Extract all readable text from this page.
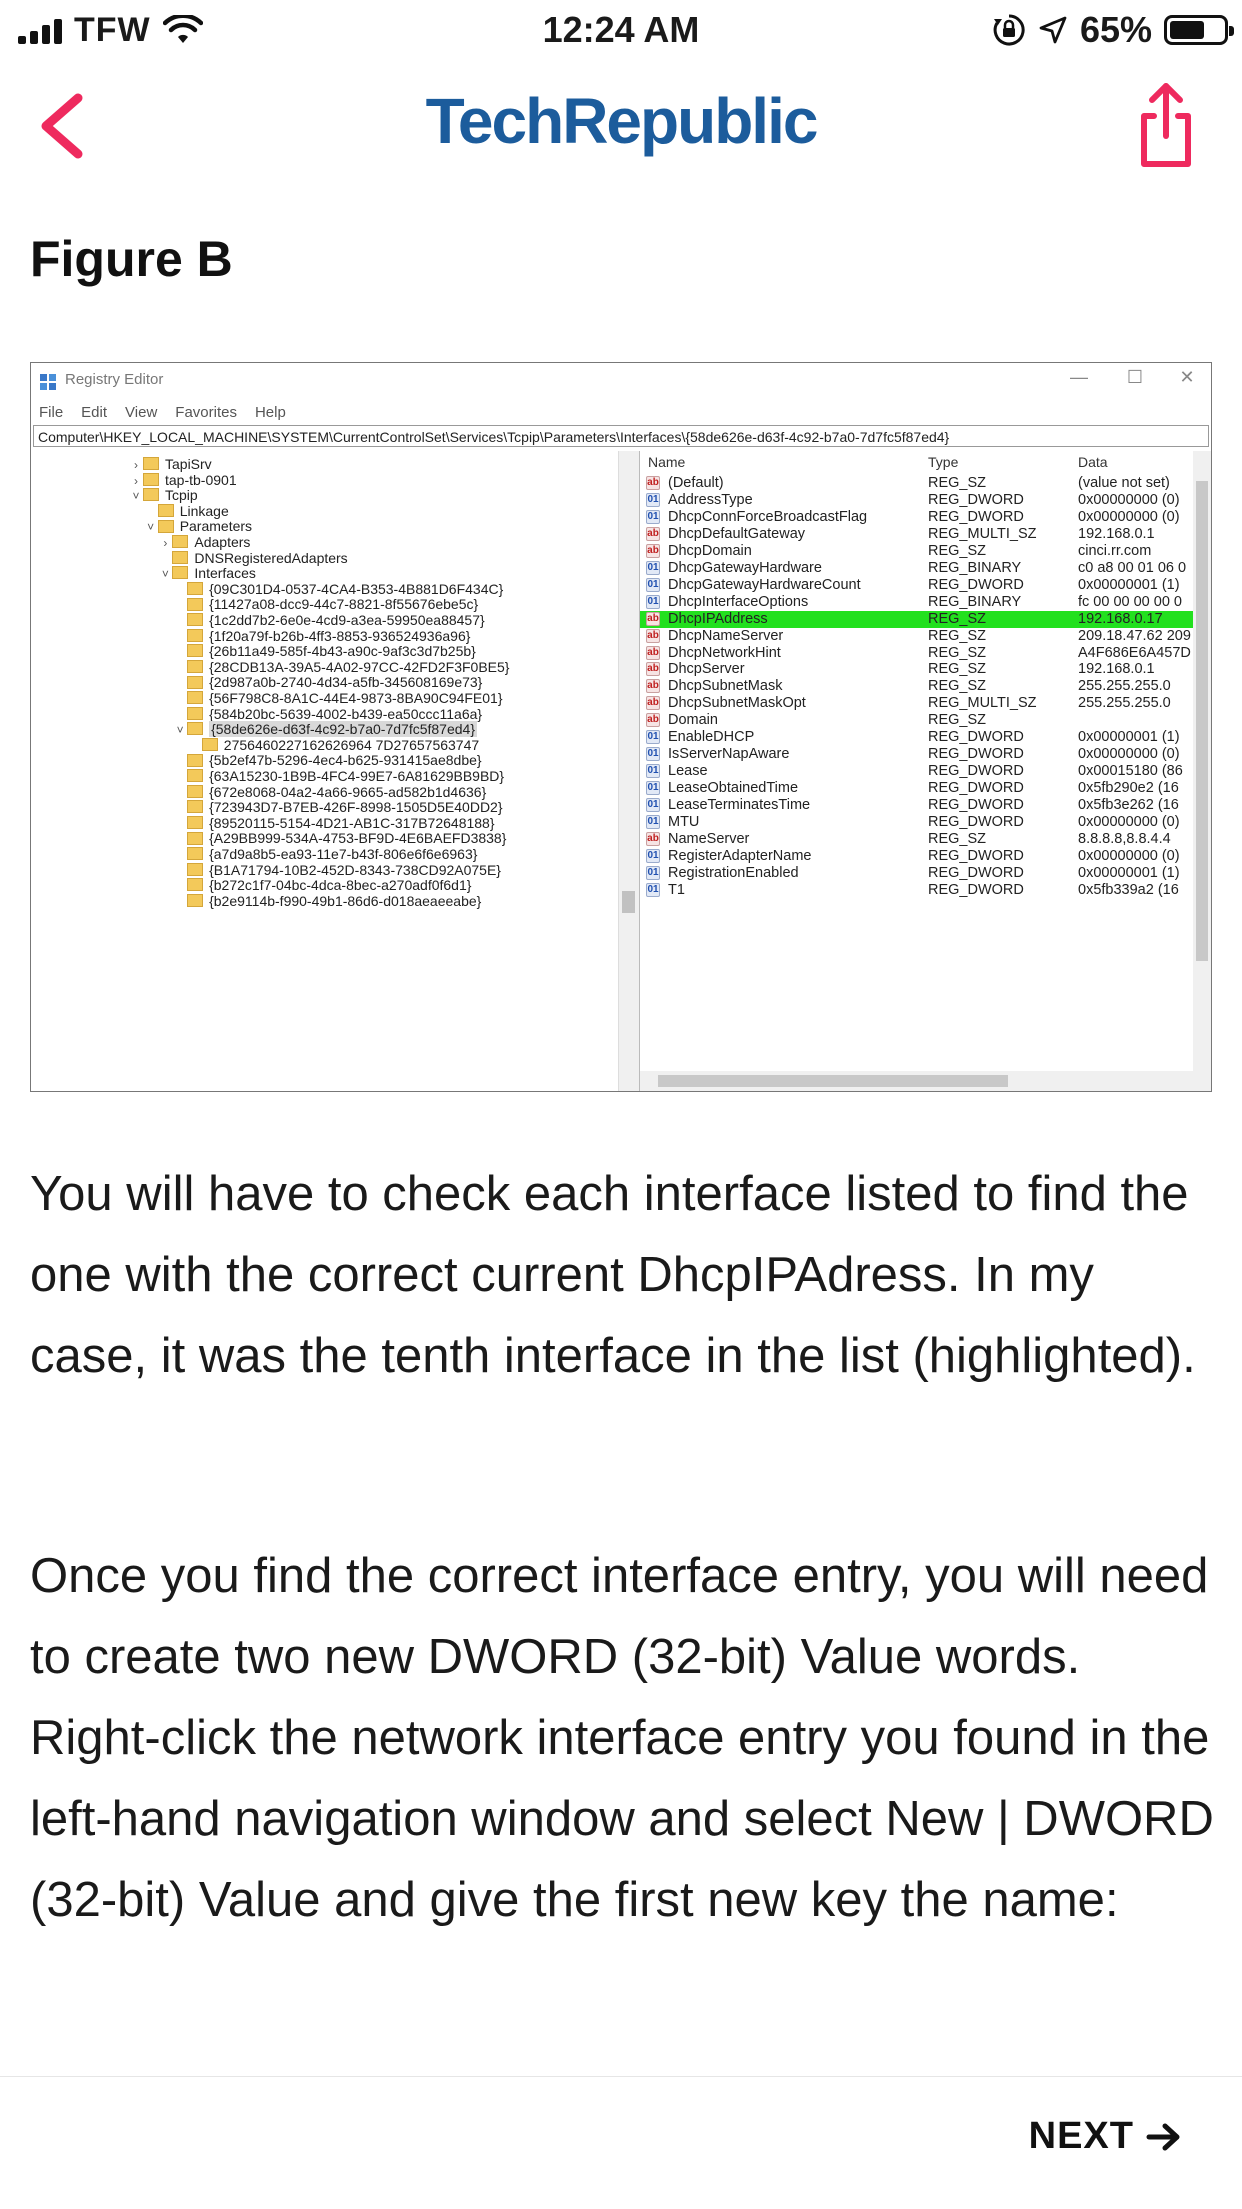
TFW	12:24 AM	65%
TechRepublic
Figure B
Registry Editor	—	☐	✕
File Edit View Favorites Help
Computer\HKEY_LOCAL_MACHINE\SYSTEM\CurrentControlSet\Services\Tcpip\Parameters\Interfaces\{58de626e-d63f-4c92-b7a0-7d7fc5f87ed4}
› TapiSrv
› tap-tb-0901
˅ Tcpip
Linkage
˅ Parameters
› Adapters
DNSRegisteredAdapters
˅ Interfaces
{09C301D4-0537-4CA4-B353-4B881D6F434C}
{11427a08-dcc9-44c7-8821-8f55676ebe5c}
{1c2dd7b2-6e0e-4cd9-a3ea-59950ea88457}
{1f20a79f-b26b-4ff3-8853-936524936a96}
{26b11a49-585f-4b43-a90c-9af3c3d7b25b}
{28CDB13A-39A5-4A02-97CC-42FD2F3F0BE5}
{2d987a0b-2740-4d34-a5fb-345608169e73}
{56F798C8-8A1C-44E4-9873-8BA90C94FE01}
{584b20bc-5639-4002-b439-ea50ccc11a6a}
˅ {58de626e-d63f-4c92-b7a0-7d7fc5f87ed4}
2756460227162626964 7D27657563747
{5b2ef47b-5296-4ec4-b625-931415ae8dbe}
{63A15230-1B9B-4FC4-99E7-6A81629BB9BD}
{672e8068-04a2-4a66-9665-ad582b1d4636}
{723943D7-B7EB-426F-8998-1505D5E40DD2}
{89520115-5154-4D21-AB1C-317B72648188}
{A29BB999-534A-4753-BF9D-4E6BAEFD3838}
{a7d9a8b5-ea93-11e7-b43f-806e6f6e6963}
{B1A71794-10B2-452D-8343-738CD92A075E}
{b272c1f7-04bc-4dca-8bec-a270adf0f6d1}
{b2e9114b-f990-49b1-86d6-d018aeaeeabe}
Name	Type	Data
ab (Default)	REG_SZ	(value not set)
01 AddressType	REG_DWORD	0x00000000 (0)
01 DhcpConnForceBroadcastFlag	REG_DWORD	0x00000000 (0)
ab DhcpDefaultGateway	REG_MULTI_SZ	192.168.0.1
ab DhcpDomain	REG_SZ	cinci.rr.com
01 DhcpGatewayHardware	REG_BINARY	c0 a8 00 01 06 0
01 DhcpGatewayHardwareCount	REG_DWORD	0x00000001 (1)
01 DhcpInterfaceOptions	REG_BINARY	fc 00 00 00 00 0
ab DhcpIPAddress	REG_SZ	192.168.0.17
ab DhcpNameServer	REG_SZ	209.18.47.62 209
ab DhcpNetworkHint	REG_SZ	A4F686E6A457D
ab DhcpServer	REG_SZ	192.168.0.1
ab DhcpSubnetMask	REG_SZ	255.255.255.0
ab DhcpSubnetMaskOpt	REG_MULTI_SZ	255.255.255.0
ab Domain	REG_SZ
01 EnableDHCP	REG_DWORD	0x00000001 (1)
01 IsServerNapAware	REG_DWORD	0x00000000 (0)
01 Lease	REG_DWORD	0x00015180 (86
01 LeaseObtainedTime	REG_DWORD	0x5fb290e2 (16
01 LeaseTerminatesTime	REG_DWORD	0x5fb3e262 (16
01 MTU	REG_DWORD	0x00000000 (0)
ab NameServer	REG_SZ	8.8.8.8,8.8.4.4
01 RegisterAdapterName	REG_DWORD	0x00000000 (0)
01 RegistrationEnabled	REG_DWORD	0x00000001 (1)
01 T1	REG_DWORD	0x5fb339a2 (16
You will have to check each interface listed to find the one with the correct current DhcpIPAdress. In my case, it was the tenth interface in the list (highlighted).
Once you find the correct interface entry, you will need to create two new DWORD (32-bit) Value words. Right-click the network interface entry you found in the left-hand navigation window and select New | DWORD (32-bit) Value and give the first new key the name:
NEXT
